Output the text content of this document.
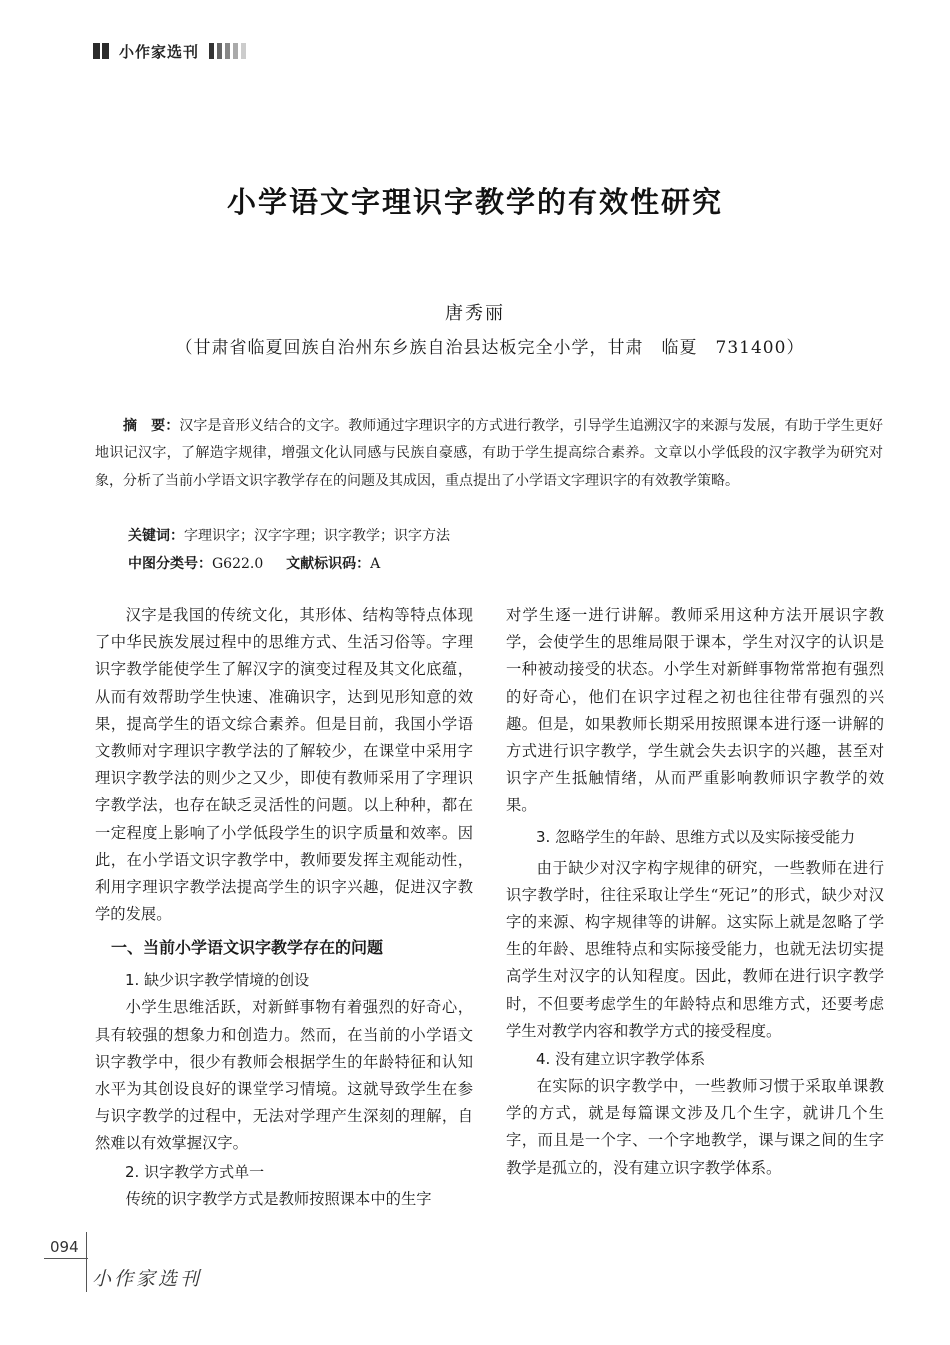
小作家选刊
小学语文字理识字教学的有效性研究
唐秀丽
（甘肃省临夏回族自治州东乡族自治县达板完全小学，甘肃　临夏　731400）

摘　要：汉字是音形义结合的文字。教师通过字理识字的方式进行教学，引导学生追溯汉字的来源与发展，有助于学生更好地识记汉字，了解造字规律，增强文化认同感与民族自豪感，有助于学生提高综合素养。文章以小学低段的汉字教学为研究对象，分析了当前小学语文识字教学存在的问题及其成因，重点提出了小学语文字理识字的有效教学策略。

关键词：字理识字；汉字字理；识字教学；识字方法
中图分类号：G622.0 文献标识码：A

汉字是我国的传统文化，其形体、结构等特点体现了中华民族发展过程中的思维方式、生活习俗等。字理识字教学能使学生了解汉字的演变过程及其文化底蕴，从而有效帮助学生快速、准确识字，达到见形知意的效果，提高学生的语文综合素养。但是目前，我国小学语文教师对字理识字教学法的了解较少，在课堂中采用字理识字教学法的则少之又少，即使有教师采用了字理识字教学法，也存在缺乏灵活性的问题。以上种种，都在一定程度上影响了小学低段学生的识字质量和效率。因此，在小学语文识字教学中，教师要发挥主观能动性，利用字理识字教学法提高学生的识字兴趣，促进汉字教学的发展。

一、当前小学语文识字教学存在的问题
1. 缺少识字教学情境的创设

小学生思维活跃，对新鲜事物有着强烈的好奇心，具有较强的想象力和创造力。然而，在当前的小学语文识字教学中，很少有教师会根据学生的年龄特征和认知水平为其创设良好的课堂学习情境。这就导致学生在参与识字教学的过程中，无法对学理产生深刻的理解，自然难以有效掌握汉字。

2. 识字教学方式单一

传统的识字教学方式是教师按照课本中的生字

对学生逐一进行讲解。教师采用这种方法开展识字教学，会使学生的思维局限于课本，学生对汉字的认识是一种被动接受的状态。小学生对新鲜事物常常抱有强烈的好奇心，他们在识字过程之初也往往带有强烈的兴趣。但是，如果教师长期采用按照课本进行逐一讲解的方式进行识字教学，学生就会失去识字的兴趣，甚至对识字产生抵触情绪，从而严重影响教师识字教学的效果。

3. 忽略学生的年龄、思维方式以及实际接受能力

由于缺少对汉字构字规律的研究，一些教师在进行识字教学时，往往采取让学生“死记”的形式，缺少对汉字的来源、构字规律等的讲解。这实际上就是忽略了学生的年龄、思维特点和实际接受能力，也就无法切实提高学生对汉字的认知程度。因此，教师在进行识字教学时，不但要考虑学生的年龄特点和思维方式，还要考虑学生对教学内容和教学方式的接受程度。

4. 没有建立识字教学体系

在实际的识字教学中，一些教师习惯于采取单课教学的方式，就是每篇课文涉及几个生字，就讲几个生字，而且是一个字、一个字地教学，课与课之间的生字教学是孤立的，没有建立识字教学体系。

094
小作家选刊
